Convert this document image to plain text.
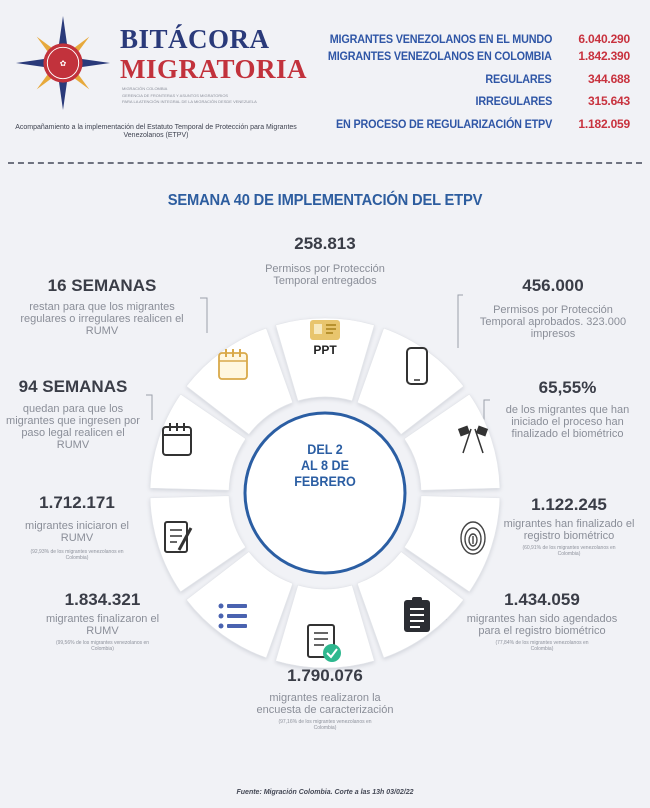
✿
BITÁCORA
MIGRATORIA
MIGRACIÓN COLOMBIA
GERENCIA DE FRONTERAS Y ASUNTOS MIGRATORIOS
PARA LA ATENCIÓN INTEGRAL DE LA MIGRACIÓN DESDE VENEZUELA
Acompañamiento a la implementación del Estatuto Temporal de Protección para Migrantes Venezolanos (ETPV)
MIGRANTES VENEZOLANOS EN EL MUNDO	6.040.290
MIGRANTES VENEZOLANOS EN COLOMBIA	1.842.390
REGULARES	344.688
IRREGULARES	315.643
EN PROCESO DE REGULARIZACIÓN ETPV	1.182.059
SEMANA 40 DE IMPLEMENTACIÓN DEL ETPV
PPT
DEL 2
AL 8 DE
FEBRERO
258.813
Permisos por Protección Temporal entregados	456.000
Permisos por Protección Temporal aprobados. 323.000 impresos
65,55%
de los migrantes que han iniciado el proceso han finalizado el biométrico
1.122.245
migrantes han finalizado el registro biométrico
(60,91% de los migrantes venezolanos en Colombia)
1.434.059
migrantes han sido agendados para el registro biométrico
(77,84% de los migrantes venezolanos en Colombia)
1.790.076
migrantes realizaron la encuesta de caracterización
(97,16% de los migrantes venezolanos en Colombia)
1.834.321
migrantes finalizaron el RUMV
(99,56% de los migrantes venezolanos en Colombia)
1.712.171
migrantes iniciaron el RUMV
(92,93% de los migrantes venezolanos en Colombia)
94 SEMANAS
quedan para que los migrantes que ingresen por paso legal realicen el RUMV
16 SEMANAS
restan para que los migrantes regulares o irregulares realicen el RUMV
Fuente: Migración Colombia. Corte a las 13h 03/02/22
